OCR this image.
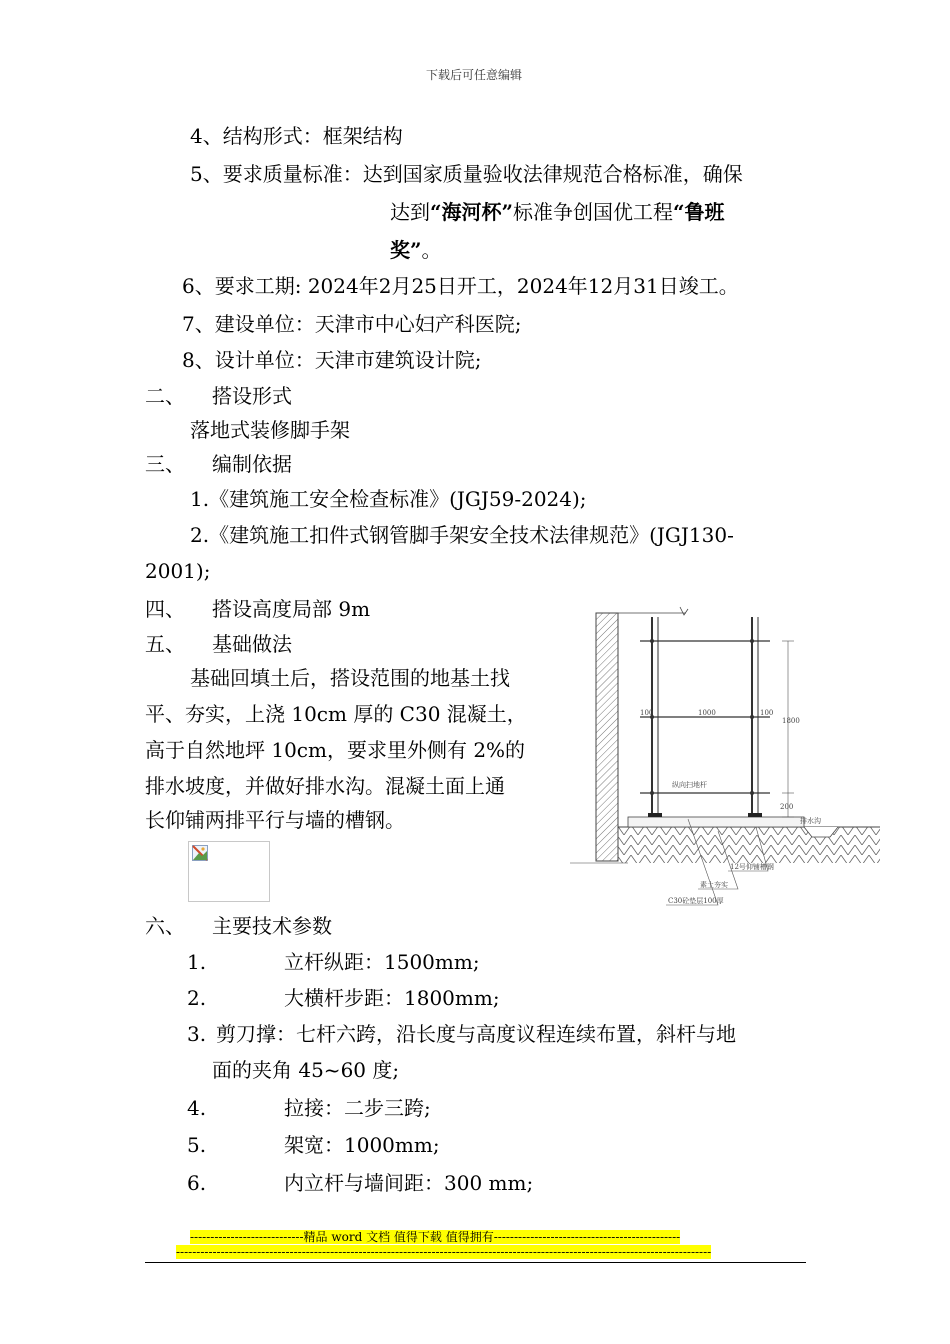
下载后可任意编辑
4、结构形式：框架结构
5、要求质量标准：达到国家质量验收法律规范合格标准，确保
达到“海河杯”标准争创国优工程“鲁班
奖”。
6、要求工期: 2024年2月25日开工，2024年12月31日竣工。
7、建设单位：天津市中心妇产科医院;
8、设计单位：天津市建筑设计院;
二、 搭设形式
落地式装修脚手架
三、 编制依据
1.《建筑施工安全检查标准》(JGJ59-2024);
2.《建筑施工扣件式钢管脚手架安全技术法律规范》(JGJ130-
2001);
四、 搭设高度局部 9m
五、 基础做法
基础回填土后，搭设范围的地基土找
平、夯实，上浇 10cm 厚的 C30 混凝土，
高于自然地坪 10cm，要求里外侧有 2%的
排水坡度，并做好排水沟。混凝土面上通
长仰铺两排平行与墙的槽钢。
100	1000	100
1800
200
纵向扫地杆
排水沟
12号仰铺槽钢
素土夯实
C30砼垫层100厚
六、 主要技术参数
1.	立杆纵距：1500mm;
2.	大横杆步距：1800mm;
3. 剪刀撑：七杆六跨，沿长度与高度议程连续布置，斜杆与地
面的夹角 45~60 度;
4.	拉接：二步三跨;
5.	架宽：1000mm;
6.	内立杆与墙间距：300 mm;
----------------------------精品 word 文档 值得下载 值得拥有----------------------------------------------
------------------------------------------------------------------------------------------------------------------------------------
